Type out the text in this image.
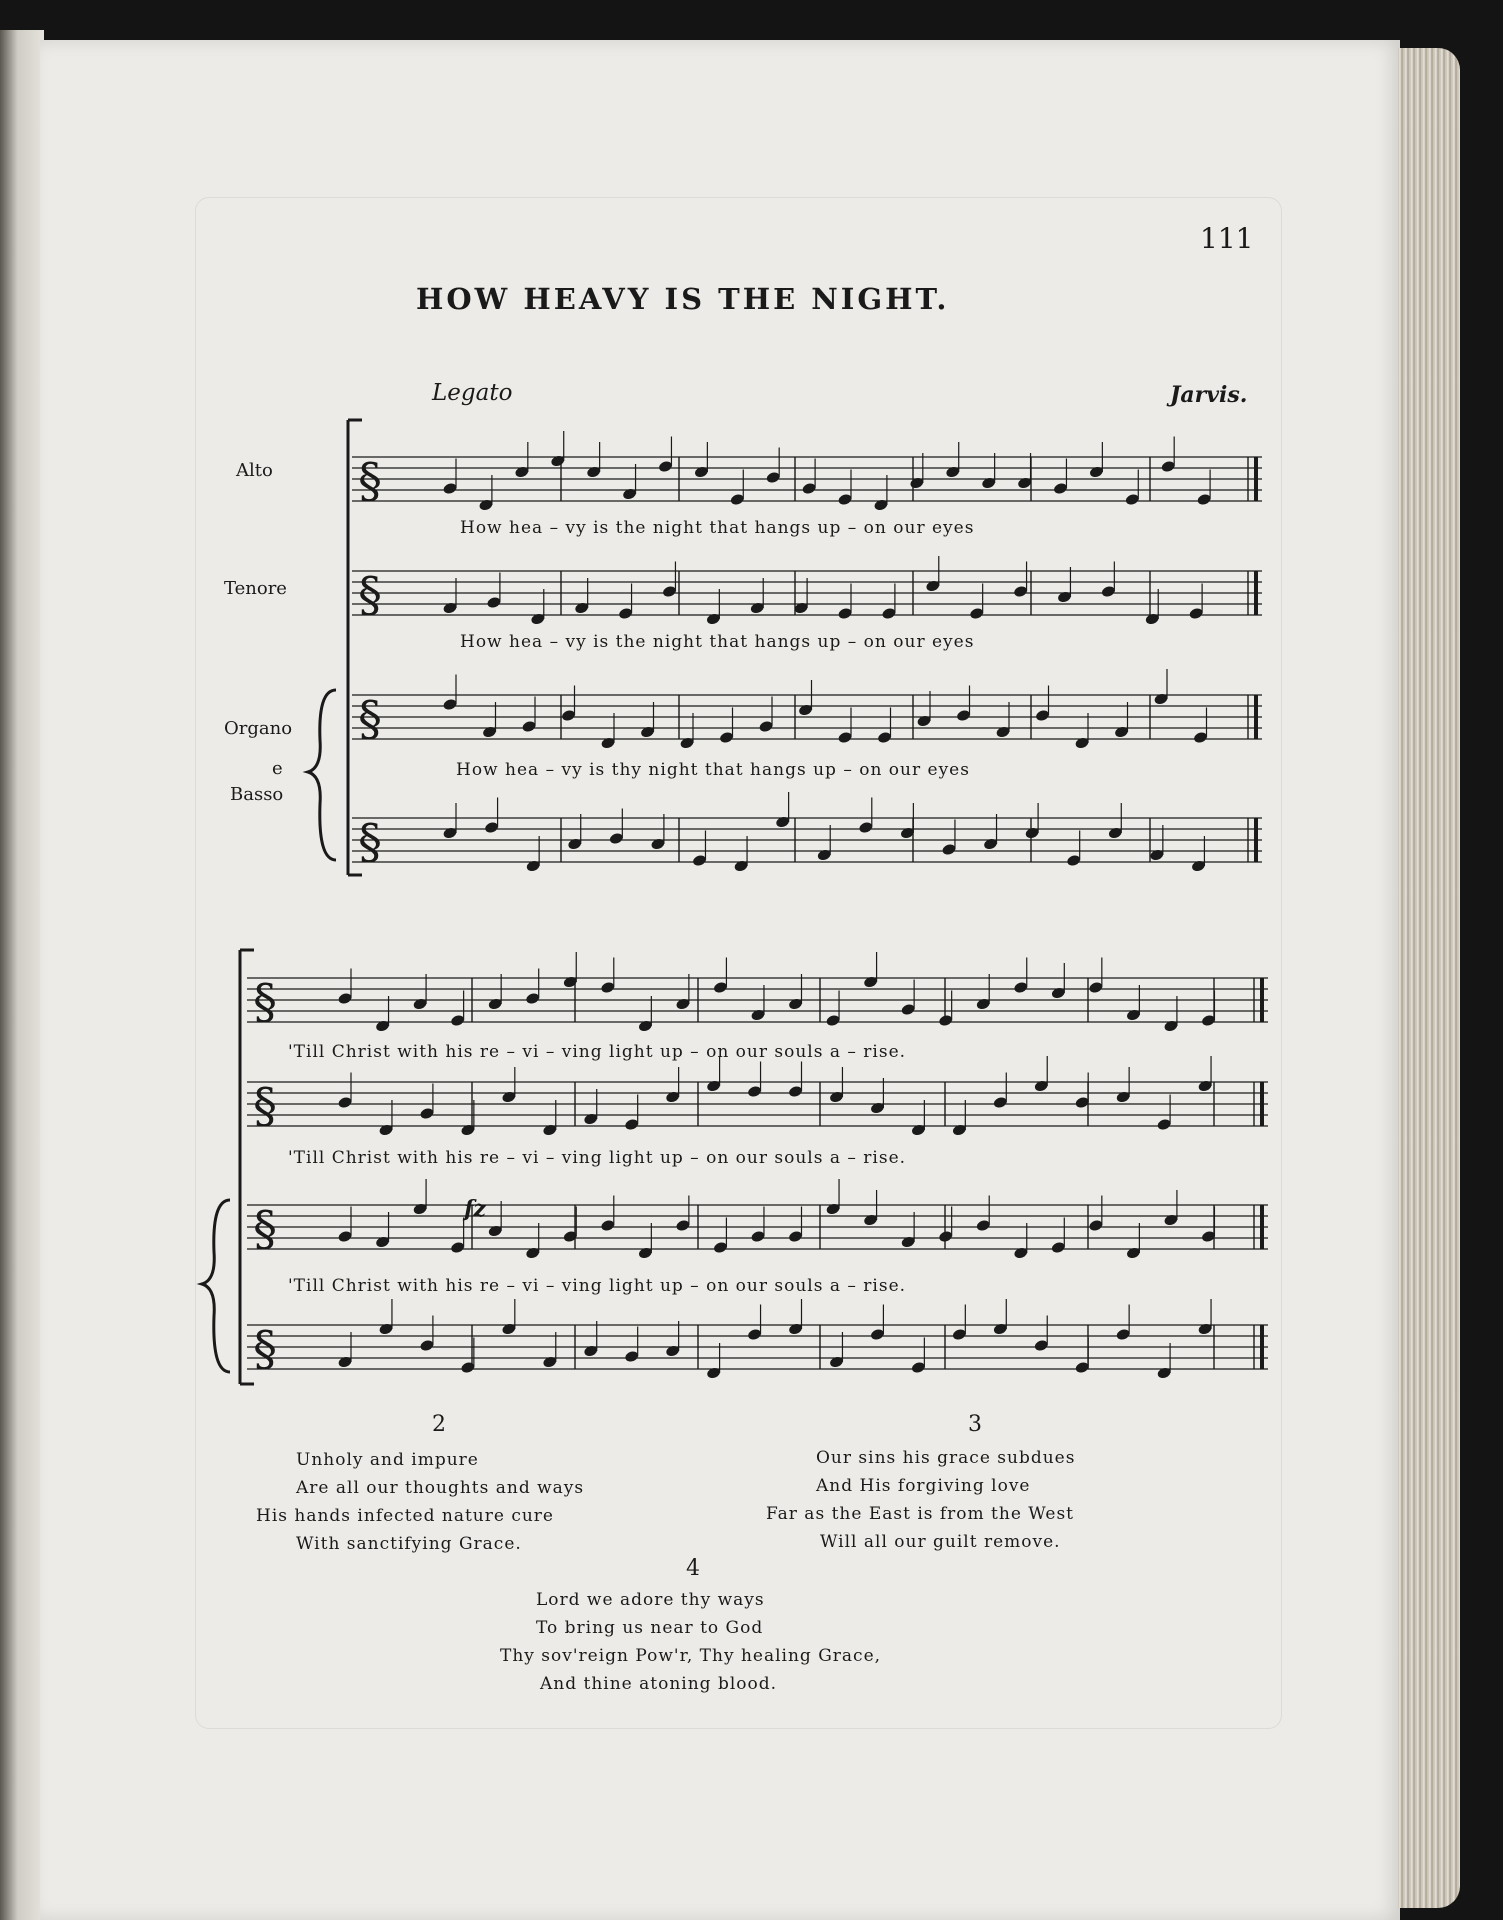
§
§
§
§
§
§
§
§
111
HOW HEAVY IS THE NIGHT.
Legato	Jarvis.
Alto
Tenore
Organo
e
Basso
How hea – vy is the night that hangs up – on our eyes
How hea – vy is the night that hangs up – on our eyes
How hea – vy is thy night that hangs up – on our eyes
'Till Christ with his re – vi – ving light up – on our souls a – rise.
'Till Christ with his re – vi – ving light up – on our souls a – rise.
'Till Christ with his re – vi – ving light up – on our souls a – rise.
2
Unholy and impure
Are all our thoughts and ways
His hands infected nature cure
With sanctifying Grace.
3
Our sins his grace subdues
And His forgiving love
Far as the East is from the West
Will all our guilt remove.
4
Lord we adore thy ways
To bring us near to God
Thy sov'reign Pow'r, Thy healing Grace,
And thine atoning blood.
fz
